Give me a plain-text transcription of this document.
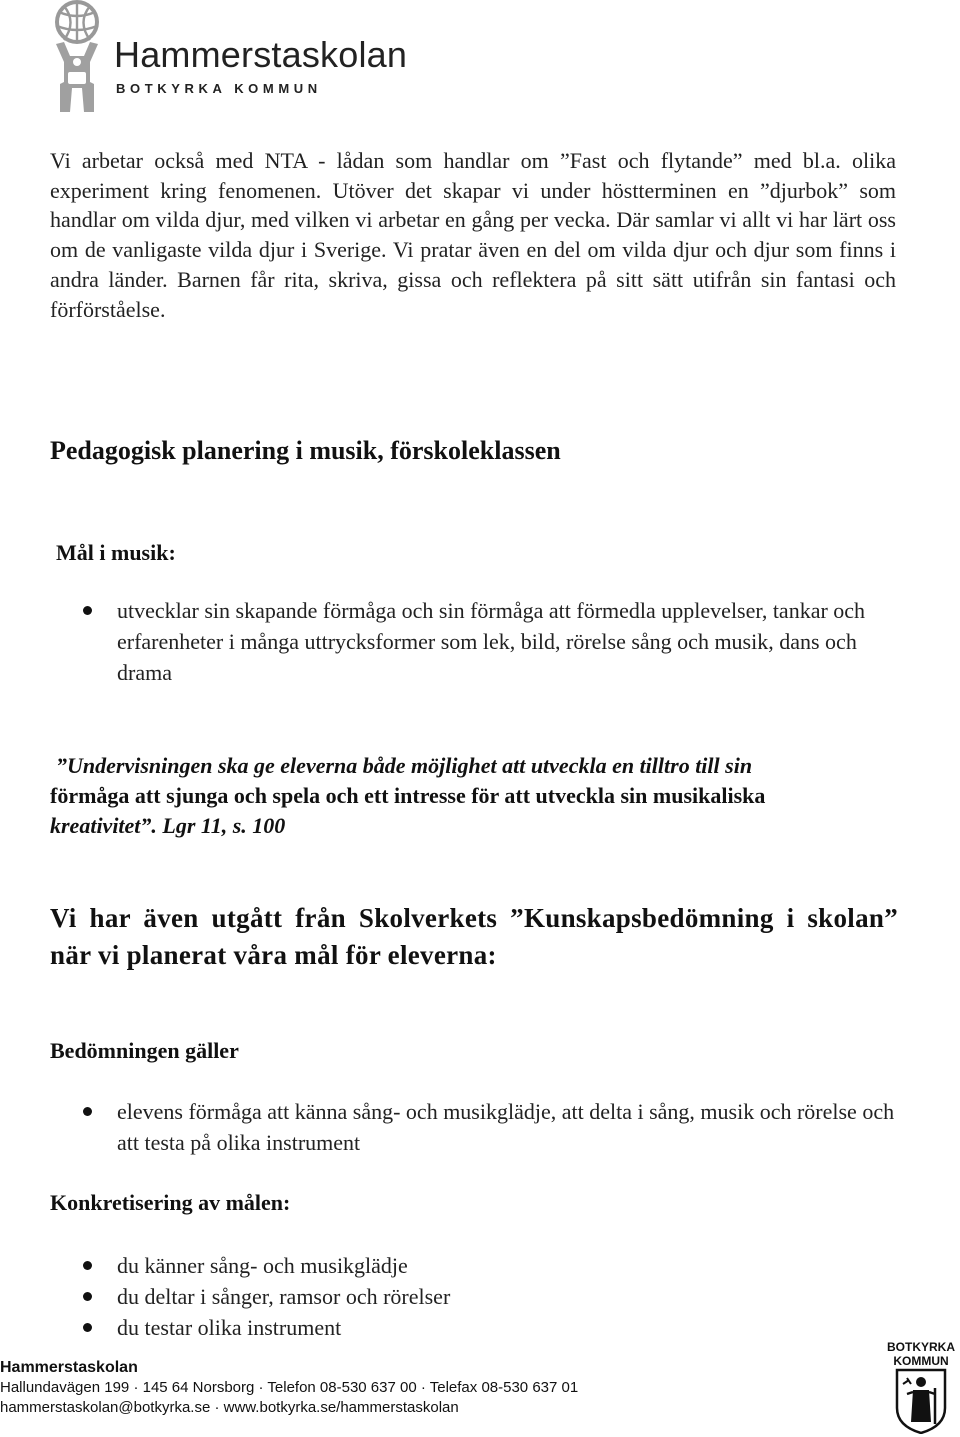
Hammerstaskolan
BOTKYRKA KOMMUN

Vi arbetar också med NTA - lådan som handlar om ”Fast och flytande” med bl.a. olika experiment kring fenomenen. Utöver det skapar vi under höstterminen en ”djurbok” som handlar om vilda djur, med vilken vi arbetar en gång per vecka. Där samlar vi allt vi har lärt oss om de vanligaste vilda djur i Sverige. Vi pratar även en del om vilda djur och djur som finns i andra länder. Barnen får rita, skriva, gissa och reflektera på sitt sätt utifrån sin fantasi och förförståelse.

Pedagogisk planering i musik, förskoleklassen
Mål i musik:
utvecklar sin skapande förmåga och sin förmåga att förmedla upplevelser, tankar och erfarenheter i många uttrycksformer som lek, bild, rörelse sång och musik, dans och drama
”Undervisningen ska ge eleverna både möjlighet att utveckla en tilltro till sin
förmåga att sjunga och spela och ett intresse för att utveckla sin musikaliska
kreativitet”. Lgr 11, s. 100
Vi har även utgått från Skolverkets ”Kunskapsbedömning i skolan” när vi planerat våra mål för eleverna:
Bedömningen gäller
elevens förmåga att känna sång- och musikglädje, att delta i sång, musik och rörelse och att testa på olika instrument
Konkretisering av målen:
du känner sång- och musikglädje
du deltar i sånger, ramsor och rörelser
du testar olika instrument
Hammerstaskolan
Hallundavägen 199 · 145 64 Norsborg · Telefon 08-530 637 00 · Telefax 08-530 637 01
hammerstaskolan@botkyrka.se · www.botkyrka.se/hammerstaskolan
BOTKYRKA
KOMMUN
